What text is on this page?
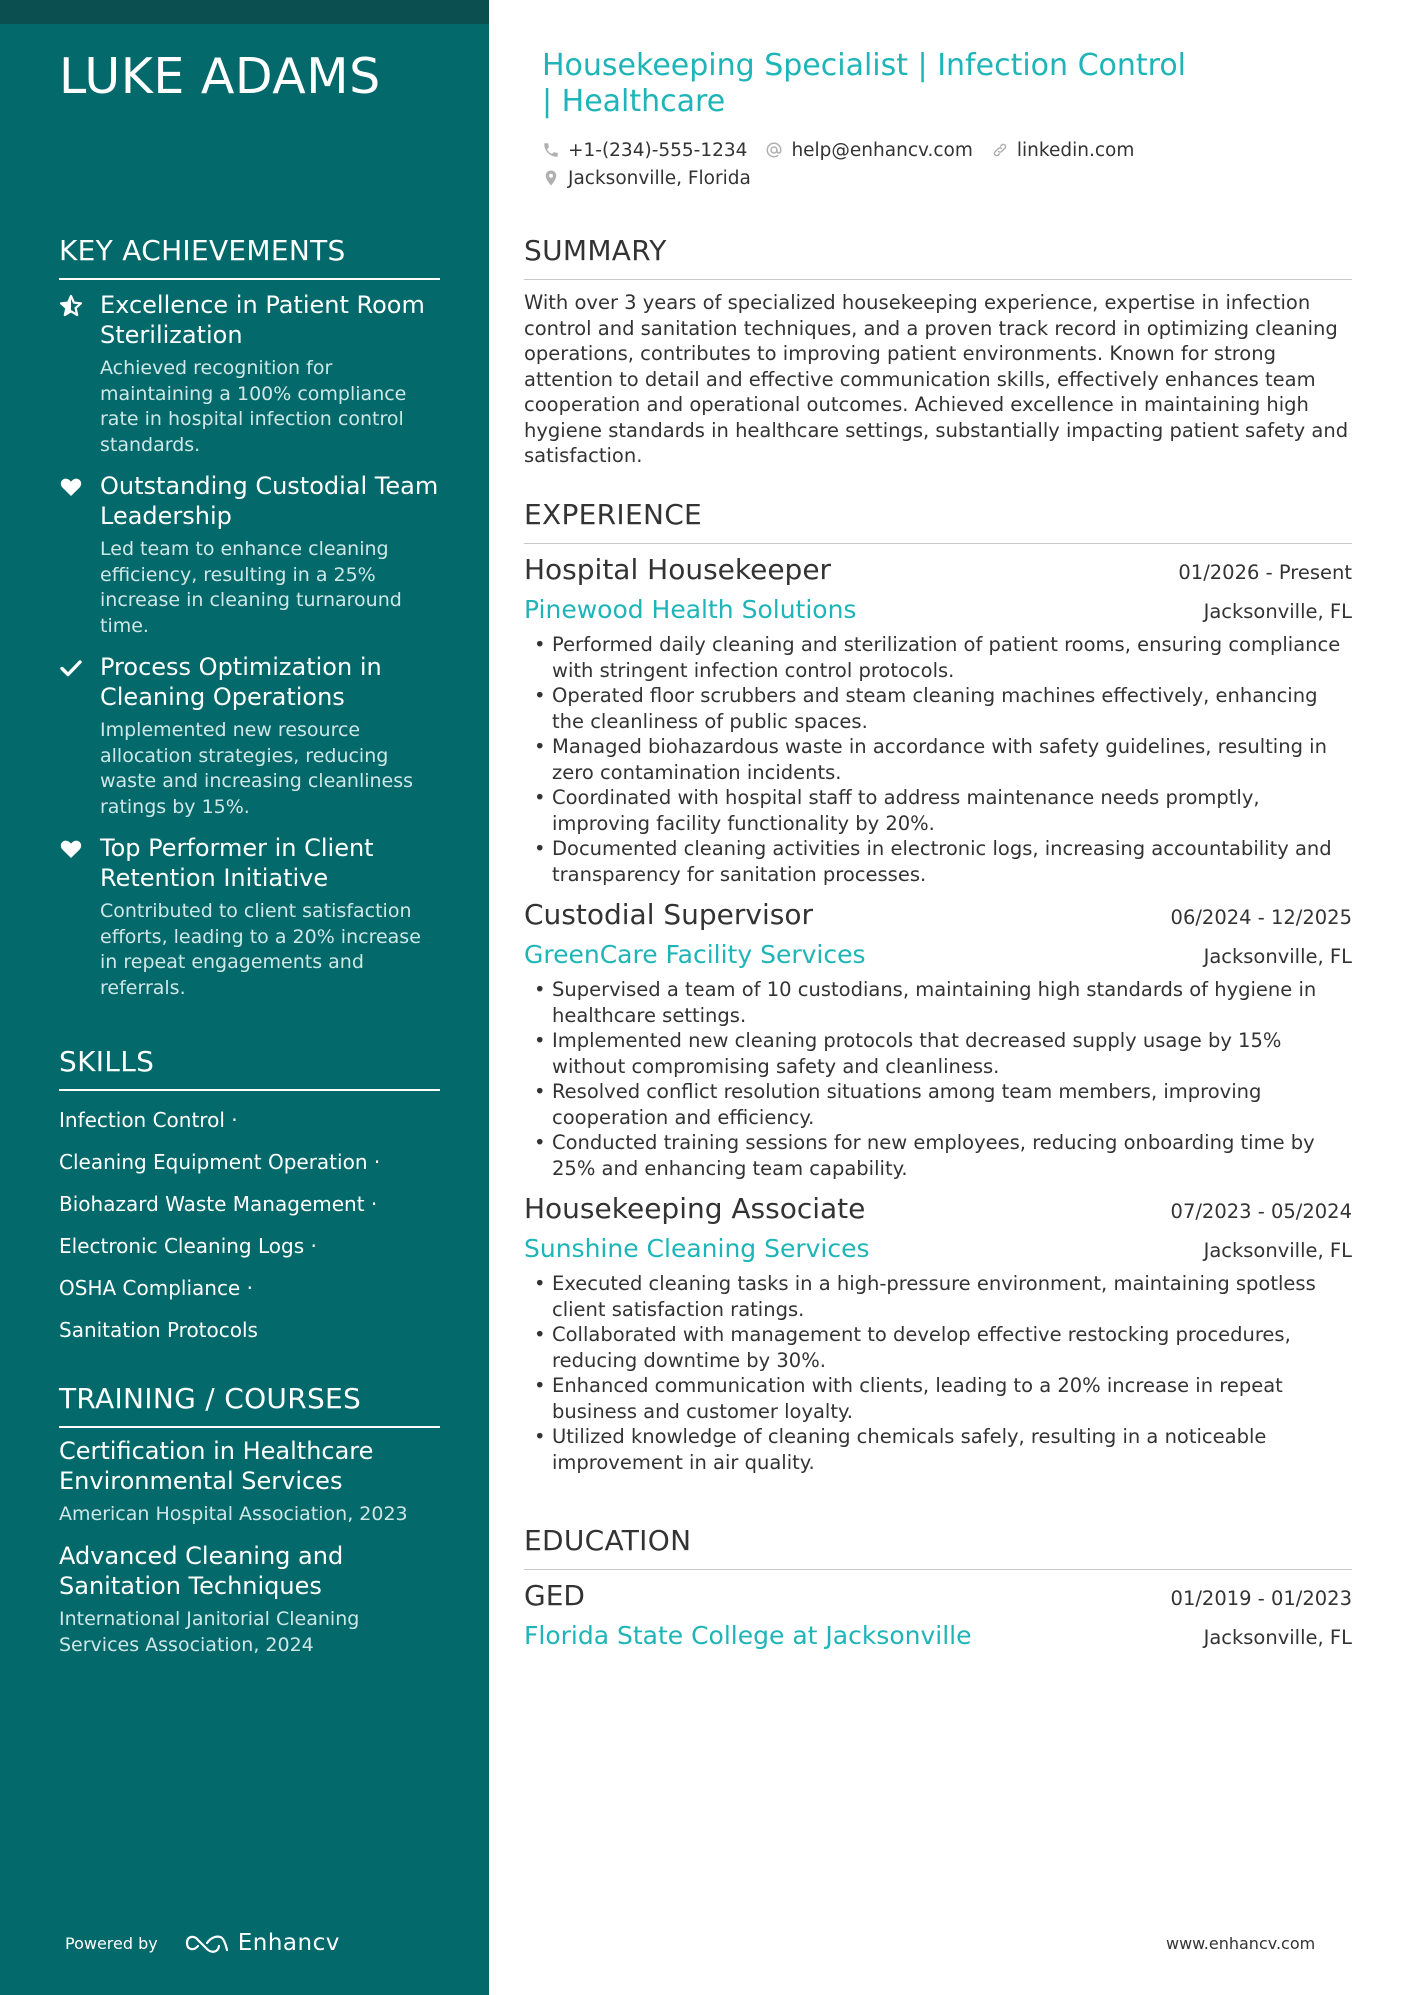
LUKE ADAMS
KEY ACHIEVEMENTS
Excellence in Patient Room Sterilization
Achieved recognition for maintaining a 100% compliance rate in hospital infection control standards.
Outstanding Custodial Team Leadership
Led team to enhance cleaning efficiency, resulting in a 25% increase in cleaning turnaround time.
Process Optimization in Cleaning Operations
Implemented new resource allocation strategies, reducing waste and increasing cleanliness ratings by 15%.
Top Performer in Client Retention Initiative
Contributed to client satisfaction efforts, leading to a 20% increase in repeat engagements and referrals.
SKILLS
Infection Control ·
Cleaning Equipment Operation ·
Biohazard Waste Management ·
Electronic Cleaning Logs ·
OSHA Compliance ·
Sanitation Protocols
TRAINING / COURSES
Certification in Healthcare Environmental Services
American Hospital Association, 2023
Advanced Cleaning and Sanitation Techniques
International Janitorial Cleaning Services Association, 2024
Powered by	Enhancv
Housekeeping Specialist | Infection Control | Healthcare
+1-(234)-555-1234 help@enhancv.com linkedin.com
Jacksonville, Florida
SUMMARY
With over 3 years of specialized housekeeping experience, expertise in infection control and sanitation techniques, and a proven track record in optimizing cleaning operations, contributes to improving patient environments. Known for strong attention to detail and effective communication skills, effectively enhances team cooperation and operational outcomes. Achieved excellence in maintaining high hygiene standards in healthcare settings, substantially impacting patient safety and satisfaction.
EXPERIENCE
Hospital Housekeeper	01/2026 - Present
Pinewood Health Solutions	Jacksonville, FL
• Performed daily cleaning and sterilization of patient rooms, ensuring compliance with stringent infection control protocols.
• Operated floor scrubbers and steam cleaning machines effectively, enhancing the cleanliness of public spaces.
• Managed biohazardous waste in accordance with safety guidelines, resulting in zero contamination incidents.
• Coordinated with hospital staff to address maintenance needs promptly, improving facility functionality by 20%.
• Documented cleaning activities in electronic logs, increasing accountability and transparency for sanitation processes.
Custodial Supervisor	06/2024 - 12/2025
GreenCare Facility Services	Jacksonville, FL
• Supervised a team of 10 custodians, maintaining high standards of hygiene in healthcare settings.
• Implemented new cleaning protocols that decreased supply usage by 15% without compromising safety and cleanliness.
• Resolved conflict resolution situations among team members, improving cooperation and efficiency.
• Conducted training sessions for new employees, reducing onboarding time by 25% and enhancing team capability.
Housekeeping Associate	07/2023 - 05/2024
Sunshine Cleaning Services	Jacksonville, FL
• Executed cleaning tasks in a high-pressure environment, maintaining spotless client satisfaction ratings.
• Collaborated with management to develop effective restocking procedures, reducing downtime by 30%.
• Enhanced communication with clients, leading to a 20% increase in repeat business and customer loyalty.
• Utilized knowledge of cleaning chemicals safely, resulting in a noticeable improvement in air quality.
EDUCATION
GED	01/2019 - 01/2023
Florida State College at Jacksonville	Jacksonville, FL
www.enhancv.com
